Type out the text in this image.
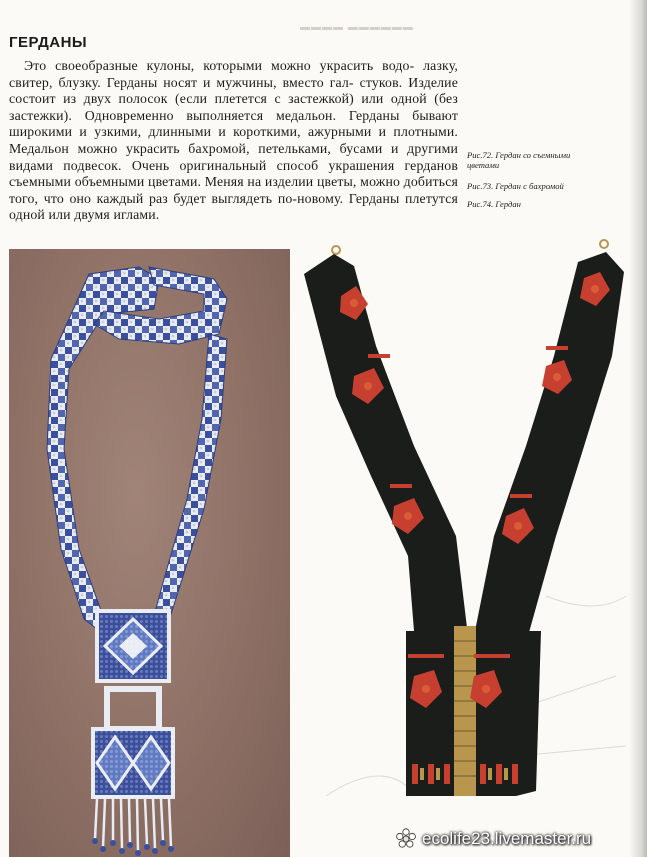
▬▬▬▬ ▬▬▬▬▬▬
ГЕРДАНЫ
Это своеобразные кулоны, которыми можно украсить водо- лазку, свитер, блузку. Герданы носят и мужчины, вместо гал- стуков. Изделие состоит из двух полосок (если плетется с застежкой) или одной (без застежки). Одновременно выполняется медальон. Герданы бывают широкими и узкими, длинными и короткими, ажурными и плотными. Медальон можно украсить бахромой, петельками, бусами и другими видами подвесок. Очень оригинальный способ украшения герданов съемными объемными цветами. Меняя на изделии цветы, можно добиться того, что оно каждый раз будет выглядеть по-новому. Герданы плетутся одной или двумя иглами.
Рис.72. Гердан со съемными цветами
Рис.73. Гердан с бахромой
Рис.74. Гердан
ecolife23.livemaster.ru
